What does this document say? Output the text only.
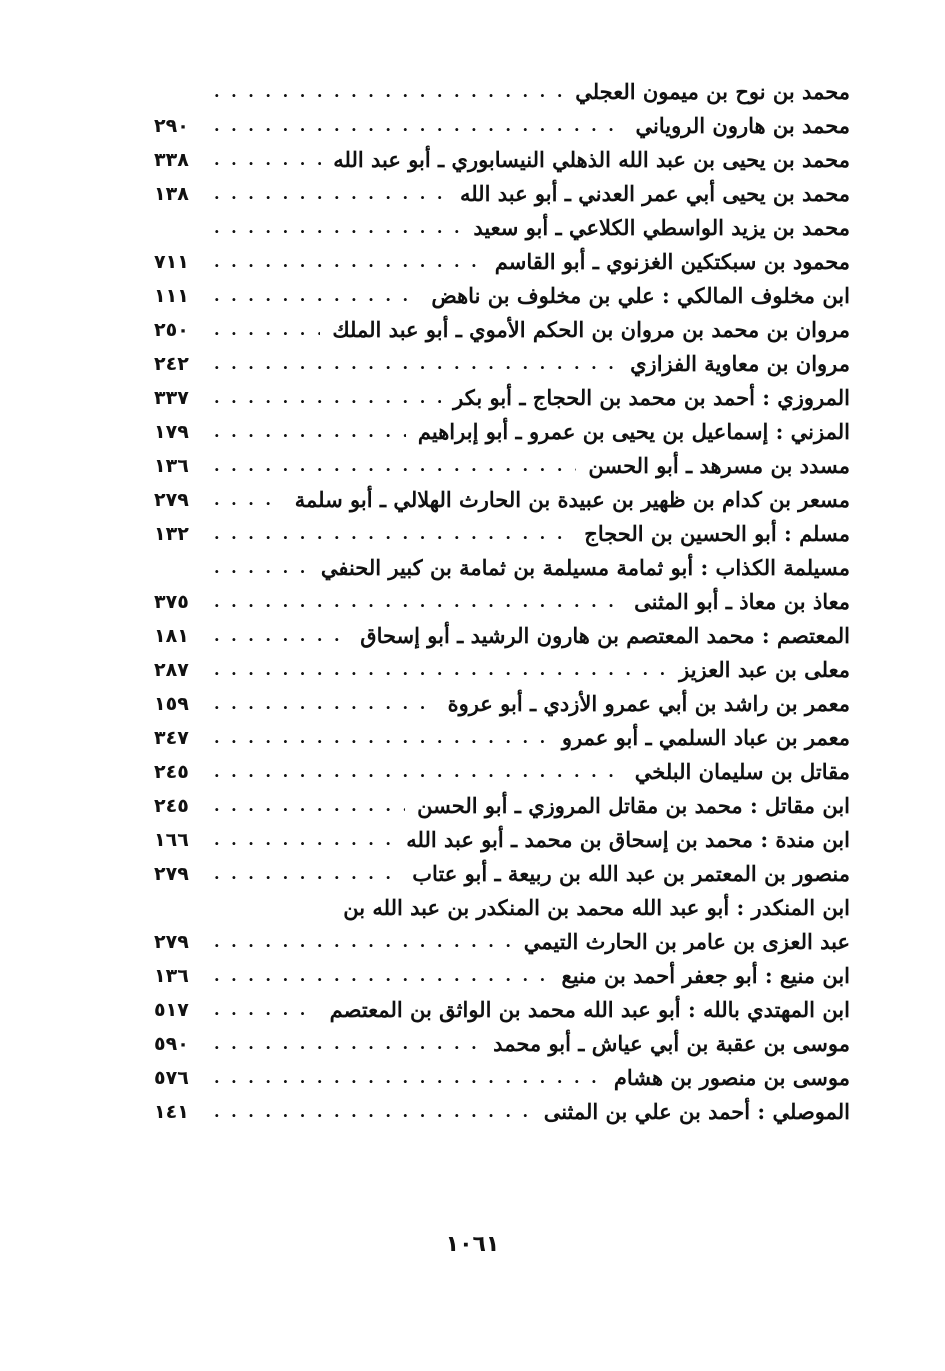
محمد بن نوح بن ميمون العجلي
. . .
محمد بن هارون الروياني
. . .
٢٩٠
محمد بن يحيى بن عبد الله الذهلي النيسابوري ـ أبو عبد الله
. . .
٣٣٨
محمد بن يحيى أبي عمر العدني ـ أبو عبد الله
. . .
١٣٨
محمد بن يزيد الواسطي الكلاعي ـ أبو سعيد
. . .
محمود بن سبكتكين الغزنوي ـ أبو القاسم
. . .
٧١١
ابن مخلوف المالكي : علي بن مخلوف بن ناهض
. . .
١١١
مروان بن محمد بن مروان بن الحكم الأموي ـ أبو عبد الملك
. . .
٢٥٠
مروان بن معاوية الفزازي
. . .
٢٤٢
المروزي : أحمد بن محمد بن الحجاج ـ أبو بكر
. . .
٣٣٧
المزني : إسماعيل بن يحيى بن عمرو ـ أبو إبراهيم
. . .
١٧٩
مسدد بن مسرهد ـ أبو الحسن
. . .
١٣٦
مسعر بن كدام بن ظهير بن عبيدة بن الحارث الهلالي ـ أبو سلمة
. . .
٢٧٩
مسلم : أبو الحسين بن الحجاج
. . .
١٣٢
مسيلمة الكذاب : أبو ثمامة مسيلمة بن ثمامة بن كبير الحنفي
. . .
معاذ بن معاذ ـ أبو المثنى
. . .
٣٧٥
المعتصم : محمد المعتصم بن هارون الرشيد ـ أبو إسحاق
. . .
١٨١
معلى بن عبد العزيز
. . .
٢٨٧
معمر بن راشد بن أبي عمرو الأزدي ـ أبو عروة
. . .
١٥٩
معمر بن عباد السلمي ـ أبو عمرو
. . .
٣٤٧
مقاتل بن سليمان البلخي
. . .
٢٤٥
ابن مقاتل : محمد بن مقاتل المروزي ـ أبو الحسن
. . .
٢٤٥
ابن مندة : محمد بن إسحاق بن محمد ـ أبو عبد الله
. . .
١٦٦
منصور بن المعتمر بن عبد الله بن ربيعة ـ أبو عتاب
. . .
٢٧٩
ابن المنكدر : أبو عبد الله محمد بن المنكدر بن عبد الله بن
عبد العزى بن عامر بن الحارث التيمي
. . .
٢٧٩
ابن منيع : أبو جعفر أحمد بن منيع
. . .
١٣٦
ابن المهتدي بالله : أبو عبد الله محمد بن الواثق بن المعتصم
. . .
٥١٧
موسى بن عقبة بن أبي عياش ـ أبو محمد
. . .
٥٩٠
موسى بن منصور بن هشام
. . .
٥٧٦
الموصلي : أحمد بن علي بن المثنى
. . .
١٤١
١٠٦١
